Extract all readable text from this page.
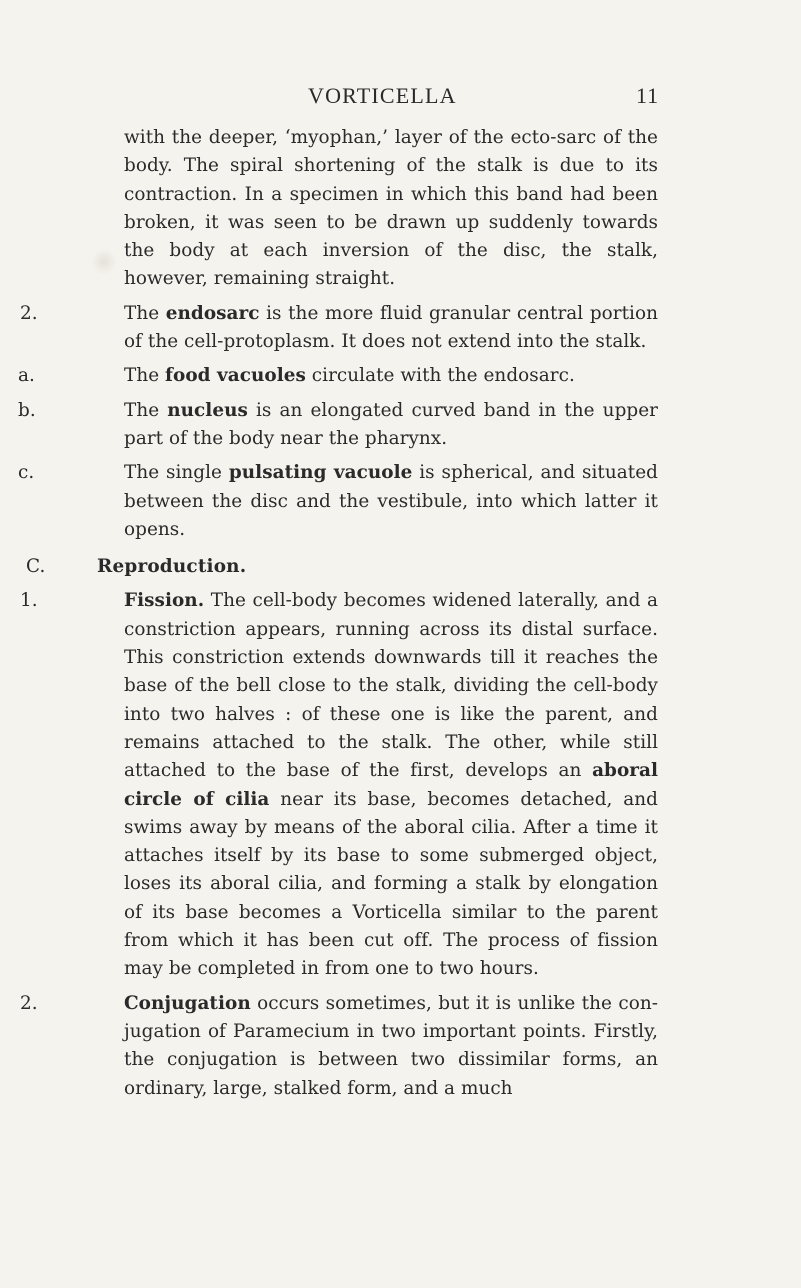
VORTICELLA	11

with the deeper, ‘myophan,’ layer of the ecto-sarc of the body. The spiral shortening of the stalk is due to its contraction. In a specimen in which this band had been broken, it was seen to be drawn up suddenly towards the body at each inversion of the disc, the stalk, however, remaining straight.

2.	The endosarc is the more fluid granular central portion of the cell-protoplasm. It does not extend into the stalk.

a.	The food vacuoles circulate with the endosarc.

b.	The nucleus is an elongated curved band in the upper part of the body near the pharynx.

c.	The single pulsating vacuole is spherical, and situated between the disc and the vestibule, into which latter it opens.

C.	Reproduction.

1.	Fission. The cell-body becomes widened laterally, and a constriction appears, running across its distal surface. This constriction extends downwards till it reaches the base of the bell close to the stalk, dividing the cell-body into two halves : of these one is like the parent, and remains attached to the stalk. The other, while still attached to the base of the first, develops an aboral circle of cilia near its base, becomes detached, and swims away by means of the aboral cilia. After a time it attaches itself by its base to some submerged object, loses its aboral cilia, and forming a stalk by elongation of its base becomes a Vorticella similar to the parent from which it has been cut off. The process of fission may be completed in from one to two hours.

2.	Conjugation occurs sometimes, but it is unlike the con-jugation of Paramecium in two important points. Firstly, the conjugation is between two dissimilar forms, an ordinary, large, stalked form, and a much
